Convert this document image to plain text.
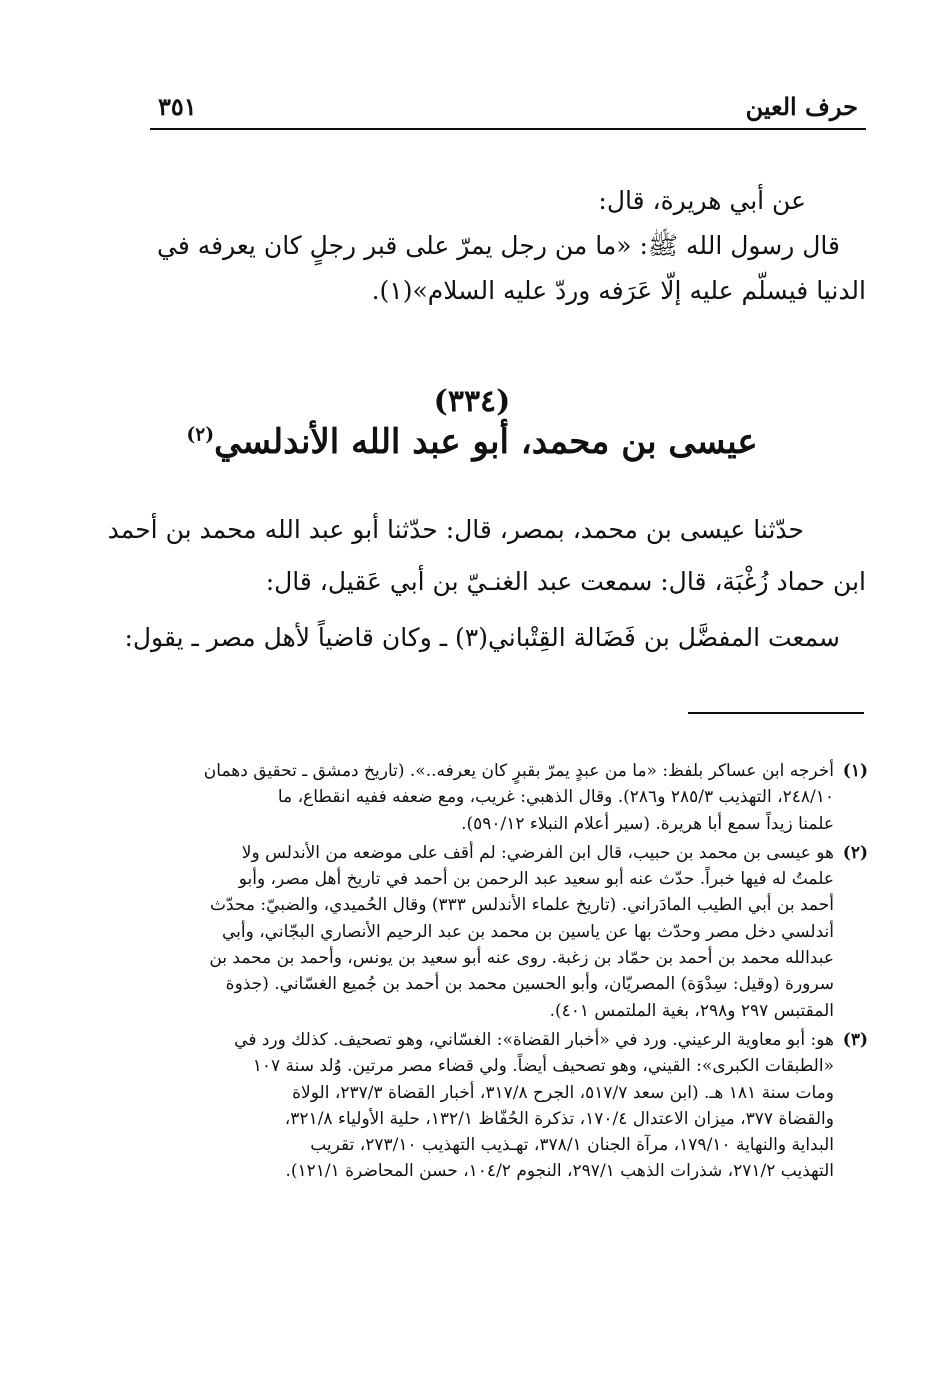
حرف العين
٣٥١
عن أبي هريرة، قال:
قال رسول الله ﷺ: «ما من رجل يمرّ على قبر رجلٍ كان يعرفه في
الدنيا فيسلّم عليه إلّا عَرَفه وردّ عليه السلام»(١).
(٣٣٤)
عيسى بن محمد، أبو عبد الله الأندلسي$^{(٢)}$
حدّثنا عيسى بن محمد، بمصر، قال: حدّثنا أبو عبد الله محمد بن أحمد
ابن حماد زُغْبَة، قال: سمعت عبد الغنـيّ بن أبي عَقيل، قال:
سمعت المفضَّل بن فَضَالة القِتْباني(٣) ـ وكان قاضياً لأهل مصر ـ يقول:
(١)
أخرجه ابن عساكر بلفظ: «ما من عبدٍ يمرّ بقبرٍ كان يعرفه..». (تاريخ دمشق ـ تحقيق دهمان
٢٤٨/١٠، التهذيب ٢٨٥/٣ و٢٨٦). وقال الذهبي: غريب، ومع ضعفه ففيه انقطاع، ما
علمنا زيداً سمع أبا هريرة. (سير أعلام النبلاء ٥٩٠/١٢).
(٢)
هو عيسى بن محمد بن حبيب، قال ابن الفرضي: لم أقف على موضعه من الأندلس ولا
علمتُ له فيها خبراً. حدّث عنه أبو سعيد عبد الرحمن بن أحمد في تاريخ أهل مصر، وأبو
أحمد بن أبي الطيب المادَراني. (تاريخ علماء الأندلس ٣٣٣) وقال الحُميدي، والضبيّ: محدّث
أندلسي دخل مصر وحدّث بها عن ياسين بن محمد بن عبد الرحيم الأنصاري البجّاني، وأبي
عبدالله محمد بن أحمد بن حمّاد بن زغبة. روى عنه أبو سعيد بن يونس، وأحمد بن محمد بن
سرورة (وقيل: سِدْوَة) المصريّان، وأبو الحسين محمد بن أحمد بن جُميع الغسّاني. (جذوة
المقتبس ٢٩٧ و٢٩٨، بغية الملتمس ٤٠١).
(٣)
هو: أبو معاوية الرعيني. ورد في «أخبار القضاة»: الغسّاني، وهو تصحيف. كذلك ورد في
«الطبقات الكبرى»: القيني، وهو تصحيف أيضاً. ولي قضاء مصر مرتين. وُلد سنة ١٠٧
ومات سنة ١٨١ هـ. (ابن سعد ٥١٧/٧، الجرح ٣١٧/٨، أخبار القضاة ٢٣٧/٣، الولاة
والقضاة ٣٧٧، ميزان الاعتدال ١٧٠/٤، تذكرة الحُفّاظ ١٣٢/١، حلية الأولياء ٣٢١/٨،
البداية والنهاية ١٧٩/١٠، مرآة الجنان ٣٧٨/١، تهـذيب التهذيب ٢٧٣/١٠، تقريب
التهذيب ٢٧١/٢، شذرات الذهب ٢٩٧/١، النجوم ١٠٤/٢، حسن المحاضرة ١٢١/١).
